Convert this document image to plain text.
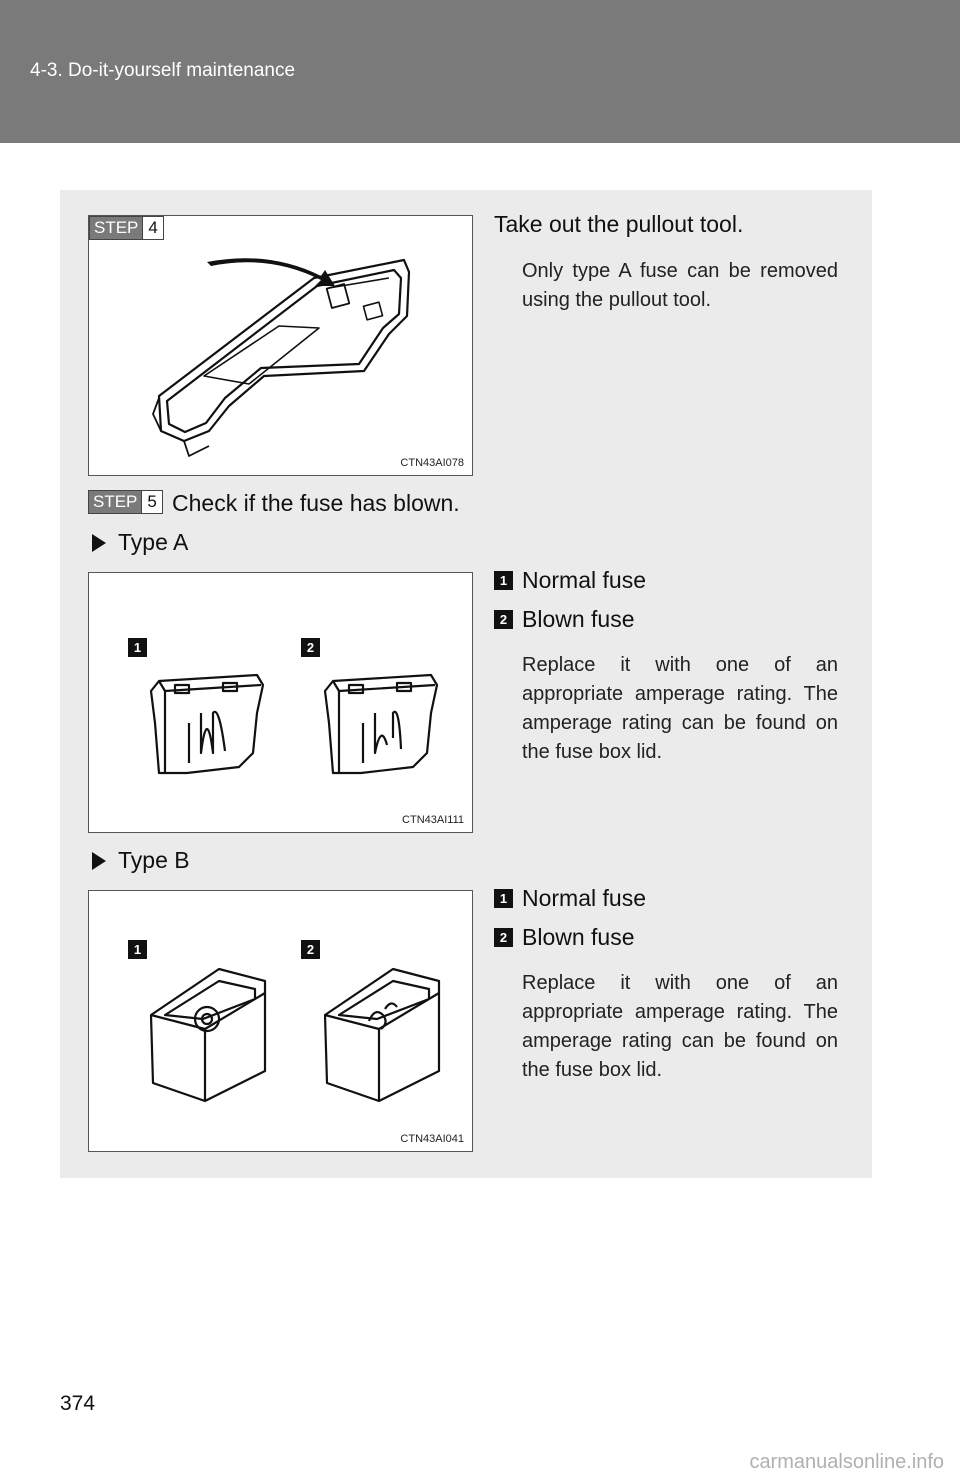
4-3. Do-it-yourself maintenance
STEP 4
CTN43AI078
Take out the pullout tool.
Only type A fuse can be removed using the pullout tool.
STEP 5 Check if the fuse has blown.
Type A
1	2
CTN43AI111
1 Normal fuse
2 Blown fuse
Replace it with one of an appropriate amperage rating. The amperage rating can be found on the fuse box lid.
Type B
1	2
CTN43AI041
1 Normal fuse
2 Blown fuse
Replace it with one of an appropriate amperage rating. The amperage rating can be found on the fuse box lid.
374
carmanualsonline.info
